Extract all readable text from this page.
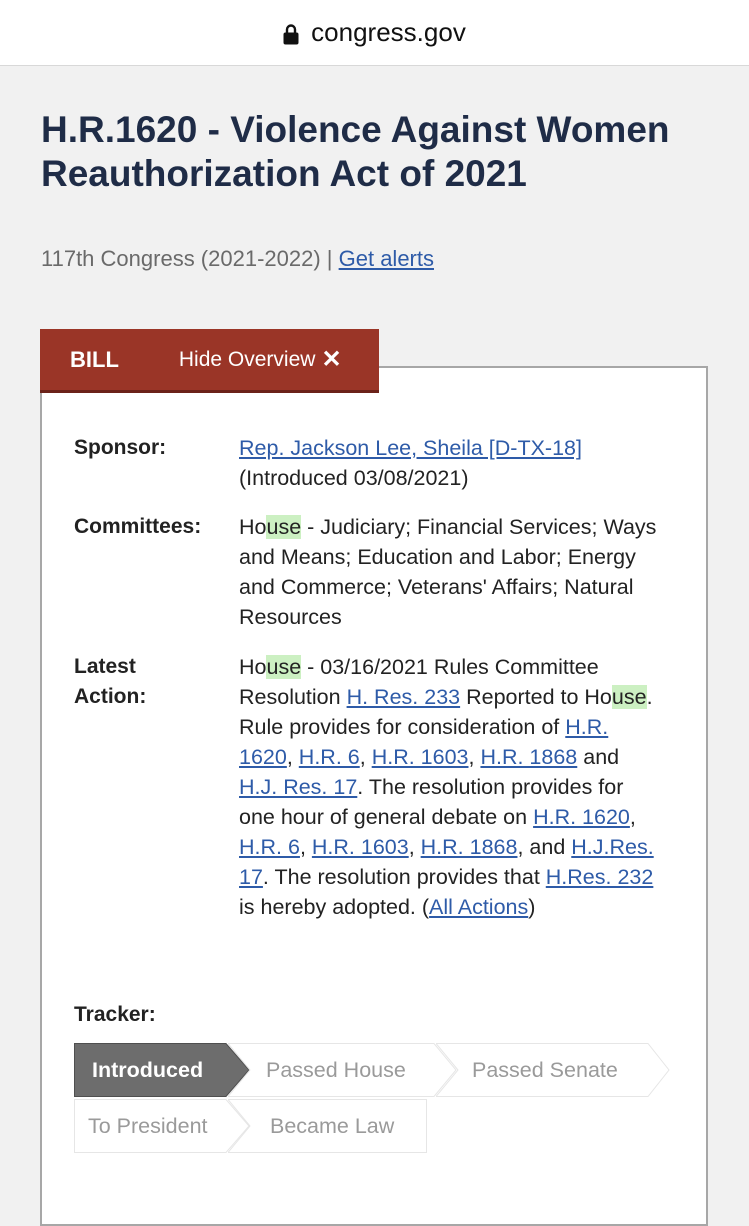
congress.gov
H.R.1620 - Violence Against Women Reauthorization Act of 2021
117th Congress (2021-2022) | Get alerts
BILL	Hide Overview ✕
Sponsor:	Rep. Jackson Lee, Sheila [D-TX-18]
(Introduced 03/08/2021)
Committees:	House - Judiciary; Financial Services; Ways and Means; Education and Labor; Energy and Commerce; Veterans' Affairs; Natural Resources
Latest
Action:
House - 03/16/2021 Rules Committee Resolution H. Res. 233 Reported to House. Rule provides for consideration of H.R. 1620, H.R. 6, H.R. 1603, H.R. 1868 and H.J. Res. 17. The resolution provides for one hour of general debate on H.R. 1620, H.R. 6, H.R. 1603, H.R. 1868, and H.J.Res. 17. The resolution provides that H.Res. 232 is hereby adopted. (All Actions)
Tracker:
Introduced	Passed House	Passed Senate
To President	Became Law
